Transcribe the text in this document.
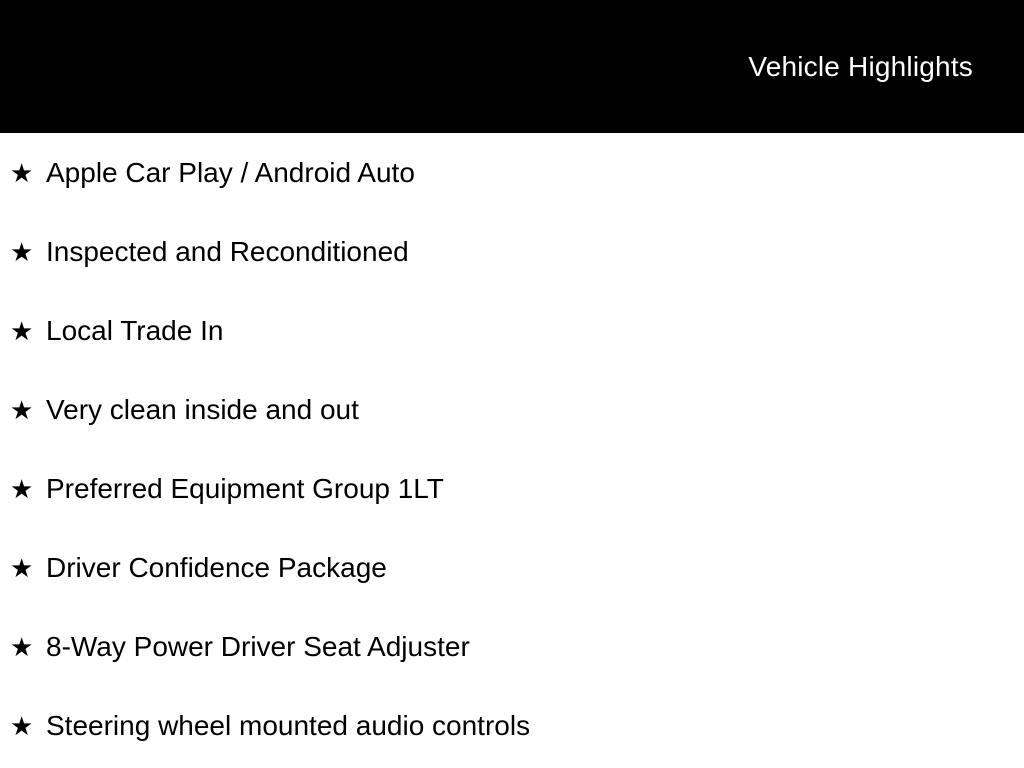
Vehicle Highlights
★ Apple Car Play / Android Auto
★ Inspected and Reconditioned
★ Local Trade In
★ Very clean inside and out
★ Preferred Equipment Group 1LT
★ Driver Confidence Package
★ 8-Way Power Driver Seat Adjuster
★ Steering wheel mounted audio controls
